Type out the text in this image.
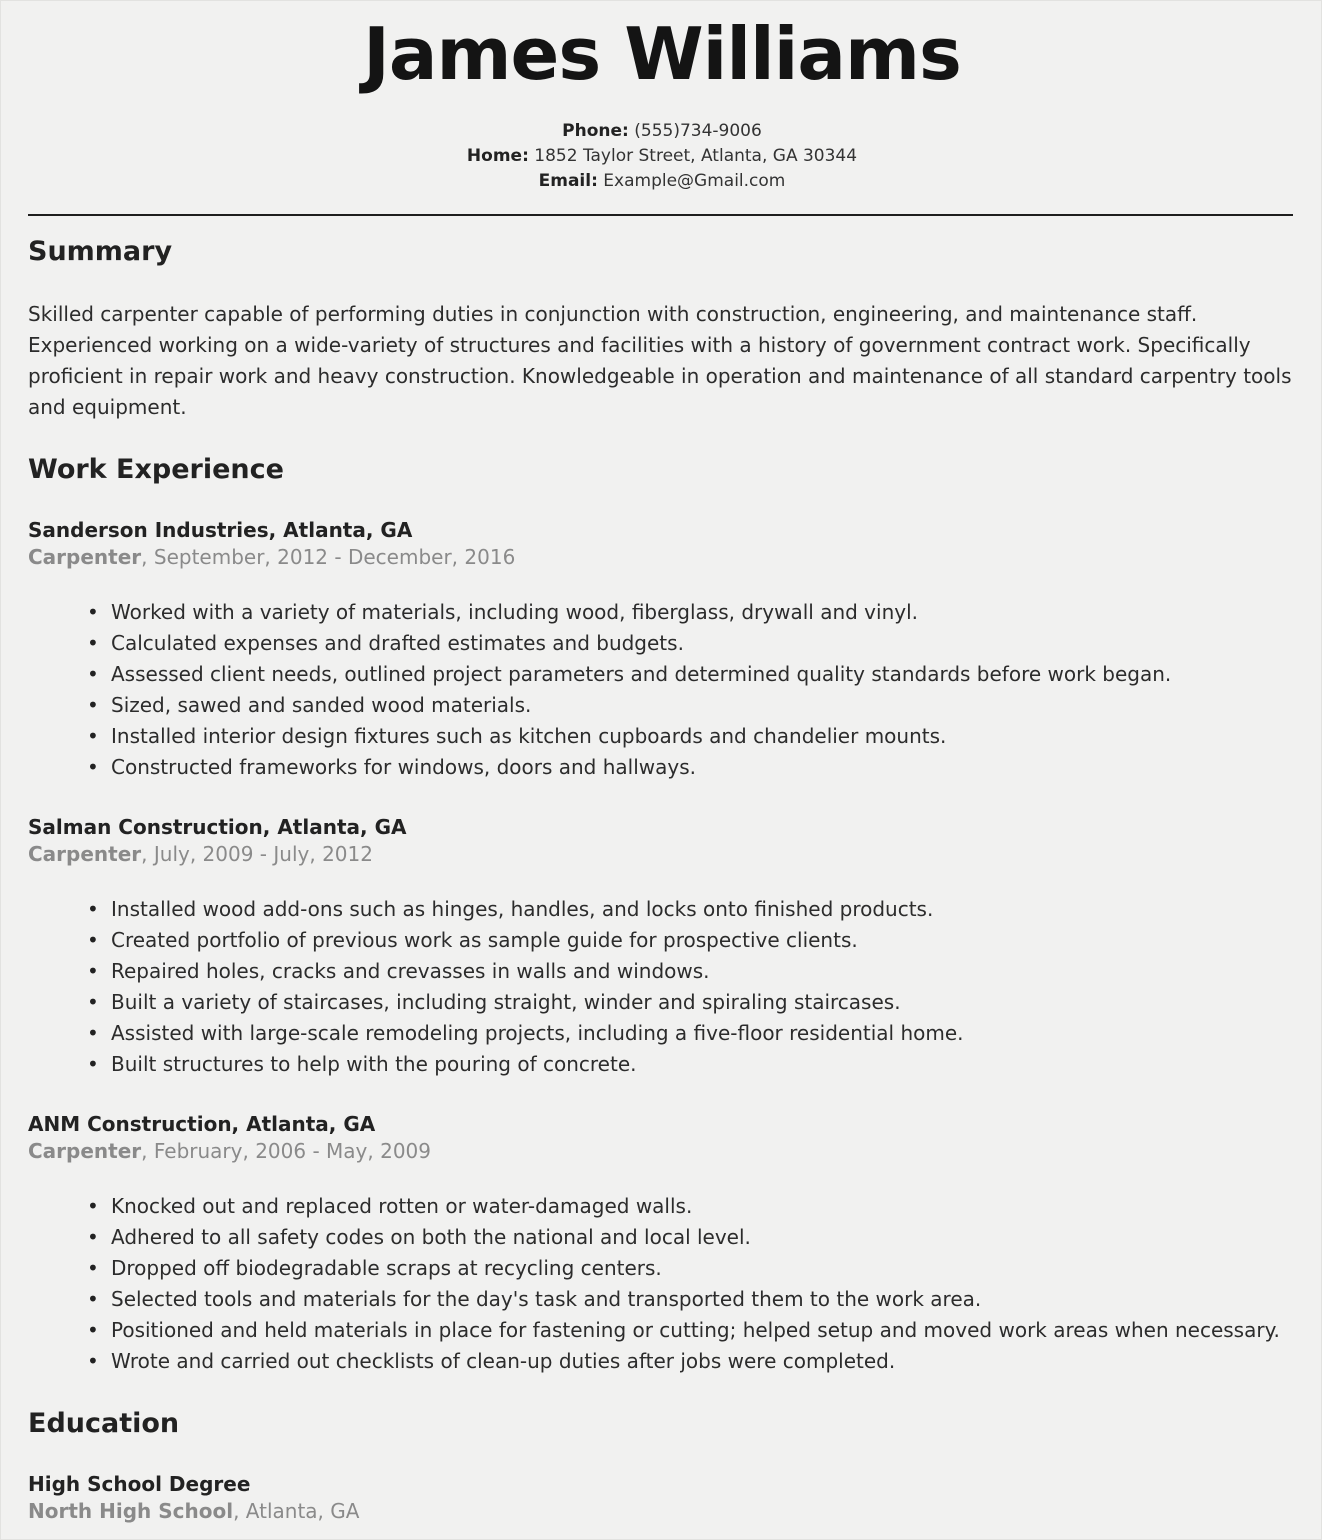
James Williams
Phone: (555)734-9006
Home: 1852 Taylor Street, Atlanta, GA 30344
Email: Example@Gmail.com
Summary

Skilled carpenter capable of performing duties in conjunction with construction, engineering, and maintenance staff. Experienced working on a wide-variety of structures and facilities with a history of government contract work. Specifically proficient in repair work and heavy construction. Knowledgeable in operation and maintenance of all standard carpentry tools and equipment.

Work Experience
Sanderson Industries, Atlanta, GA
Carpenter, September, 2012 - December, 2016
• Worked with a variety of materials, including wood, fiberglass, drywall and vinyl.
• Calculated expenses and drafted estimates and budgets.
• Assessed client needs, outlined project parameters and determined quality standards before work began.
• Sized, sawed and sanded wood materials.
• Installed interior design fixtures such as kitchen cupboards and chandelier mounts.
• Constructed frameworks for windows, doors and hallways.
Salman Construction, Atlanta, GA
Carpenter, July, 2009 - July, 2012
• Installed wood add-ons such as hinges, handles, and locks onto finished products.
• Created portfolio of previous work as sample guide for prospective clients.
• Repaired holes, cracks and crevasses in walls and windows.
• Built a variety of staircases, including straight, winder and spiraling staircases.
• Assisted with large-scale remodeling projects, including a five-floor residential home.
• Built structures to help with the pouring of concrete.
ANM Construction, Atlanta, GA
Carpenter, February, 2006 - May, 2009
• Knocked out and replaced rotten or water-damaged walls.
• Adhered to all safety codes on both the national and local level.
• Dropped off biodegradable scraps at recycling centers.
• Selected tools and materials for the day's task and transported them to the work area.
• Positioned and held materials in place for fastening or cutting; helped setup and moved work areas when necessary.
• Wrote and carried out checklists of clean-up duties after jobs were completed.
Education
High School Degree
North High School, Atlanta, GA
